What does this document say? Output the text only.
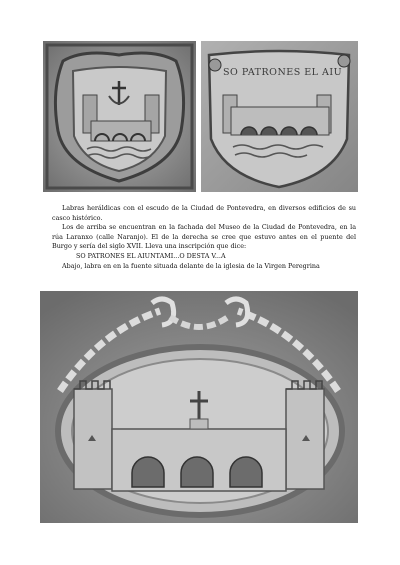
SO PATRONES EL AIU

Labras heráldicas con el escudo de la Ciudad de Pontevedra, en diversos edificios de su casco histórico.

Los de arriba se encuentran en la fachada del Museo de la Ciudad de Pontevedra, en la rúa Laranxo (calle Naranjo). El de la derecha se cree que estuvo antes en el puente del Burgo y sería del siglo XVII. Lleva una inscripción que dice:

SO PATRONES EL AIUNTAMI...O DESTA V...A

Abajo, labra en en la fuente situada delante de la iglesia de la Virgen Peregrina
